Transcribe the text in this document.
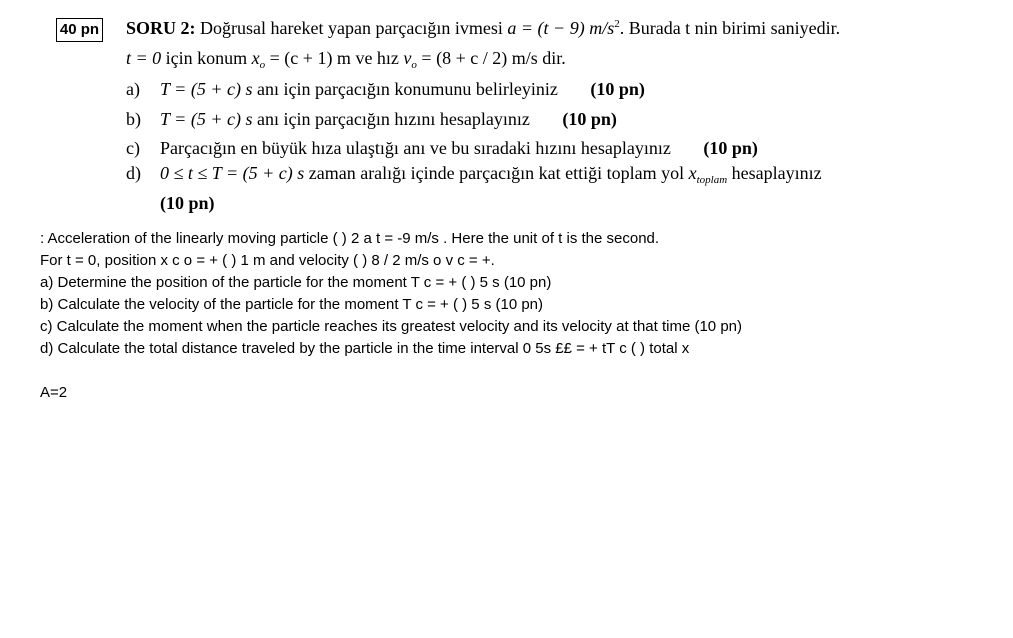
40 pn SORU 2: Doğrusal hareket yapan parçacığın ivmesi a = (t − 9) $m/s^2$. Burada t nin birimi saniyedir.
t = 0 için konum $x_o = (c + 1)$ m ve hız $v_o = (8 + c / 2)$ m/s dir.
a) T = (5 + c) s anı için parçacığın konumunu belirleyiniz (10 pn)
b) T = (5 + c) s anı için parçacığın hızını hesaplayınız (10 pn)
c) Parçacığın en büyük hıza ulaştığı anı ve bu sıradaki hızını hesaplayınız (10 pn)
d) 0 ≤ t ≤ T = (5 + c) s zaman aralığı içinde parçacığın kat ettiği toplam yol $x_{toplam}$ hesaplayınız
(10 pn)
: Acceleration of the linearly moving particle ( ) 2 a t = -9 m/s . Here the unit of t is the second.
For t = 0, position x c o = + ( ) 1 m and velocity ( ) 8 / 2 m/s o v c = +.
a) Determine the position of the particle for the moment T c = + ( ) 5 s (10 pn)
b) Calculate the velocity of the particle for the moment T c = + ( ) 5 s (10 pn)
c) Calculate the moment when the particle reaches its greatest velocity and its velocity at that time (10 pn)
d) Calculate the total distance traveled by the particle in the time interval 0 5s ££ = + tT c ( ) total x
A=2
